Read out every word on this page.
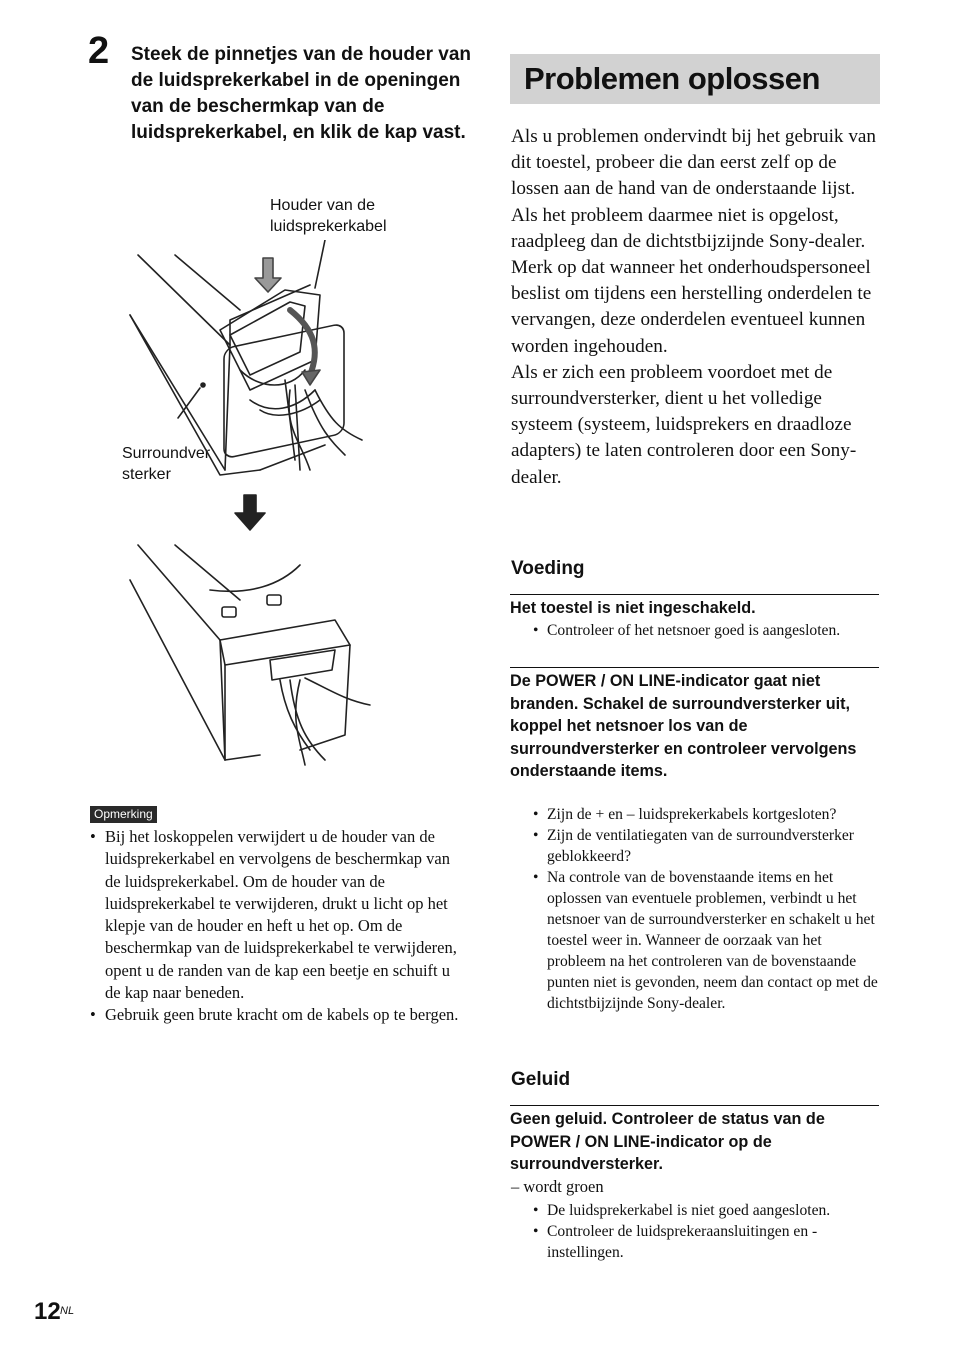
2 Steek de pinnetjes van de houder van de luidsprekerkabel in de openingen van de beschermkap van de luidsprekerkabel, en klik de kap vast.
Houder van de
luidsprekerkabel
Surroundver
sterker
Opmerking
• Bij het loskoppelen verwijdert u de houder van de luidsprekerkabel en vervolgens de beschermkap van de luidsprekerkabel. Om de houder van de luidsprekerkabel te verwijderen, drukt u licht op het klepje van de houder en heft u het op. Om de beschermkap van de luidsprekerkabel te verwijderen, opent u de randen van de kap een beetje en schuift u de kap naar beneden.
• Gebruik geen brute kracht om de kabels op te bergen.
Problemen oplossen

Als u problemen ondervindt bij het gebruik van dit toestel, probeer die dan eerst zelf op de lossen aan de hand van de onderstaande lijst. Als het probleem daarmee niet is opgelost, raadpleeg dan de dichtstbijzijnde Sony-dealer.

Merk op dat wanneer het onderhoudspersoneel beslist om tijdens een herstelling onderdelen te vervangen, deze onderdelen eventueel kunnen worden ingehouden.

Als er zich een probleem voordoet met de surroundversterker, dient u het volledige systeem (systeem, luidsprekers en draadloze adapters) te laten controleren door een Sony-dealer.

Voeding
Het toestel is niet ingeschakeld.
• Controleer of het netsnoer goed is aangesloten.
De POWER / ON LINE-indicator gaat niet branden. Schakel de surroundversterker uit, koppel het netsnoer los van de surroundversterker en controleer vervolgens onderstaande items.
• Zijn de + en – luidsprekerkabels kortgesloten?
• Zijn de ventilatiegaten van de surroundversterker geblokkeerd?
• Na controle van de bovenstaande items en het oplossen van eventuele problemen, verbindt u het netsnoer van de surroundversterker en schakelt u het toestel weer in. Wanneer de oorzaak van het probleem na het controleren van de bovenstaande punten niet is gevonden, neem dan contact op met de dichtstbijzijnde Sony-dealer.
Geluid
Geen geluid. Controleer de status van de POWER / ON LINE-indicator op de surroundversterker.
– wordt groen
• De luidsprekerkabel is niet goed aangesloten.
• Controleer de luidsprekeraansluitingen en -instellingen.
12 NL
